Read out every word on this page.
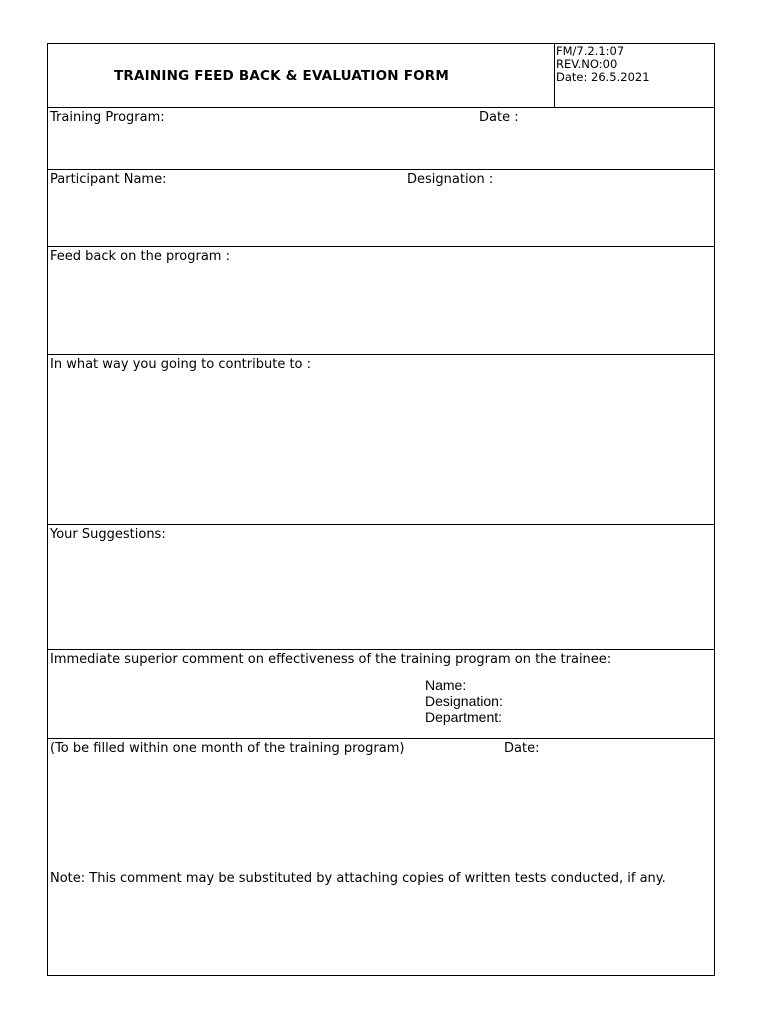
TRAINING FEED BACK & EVALUATION FORM
FM/7.2.1:07
REV.NO:00
Date: 26.5.2021
Training Program:	Date :
Participant Name:	Designation :
Feed back on the program :
In what way you going to contribute to :
Your Suggestions:
Immediate superior comment on effectiveness of the training program on the trainee:
Name:
Designation:
Department:
(To be filled within one month of the training program)	Date:
Note: This comment may be substituted by attaching copies of written tests conducted, if any.
